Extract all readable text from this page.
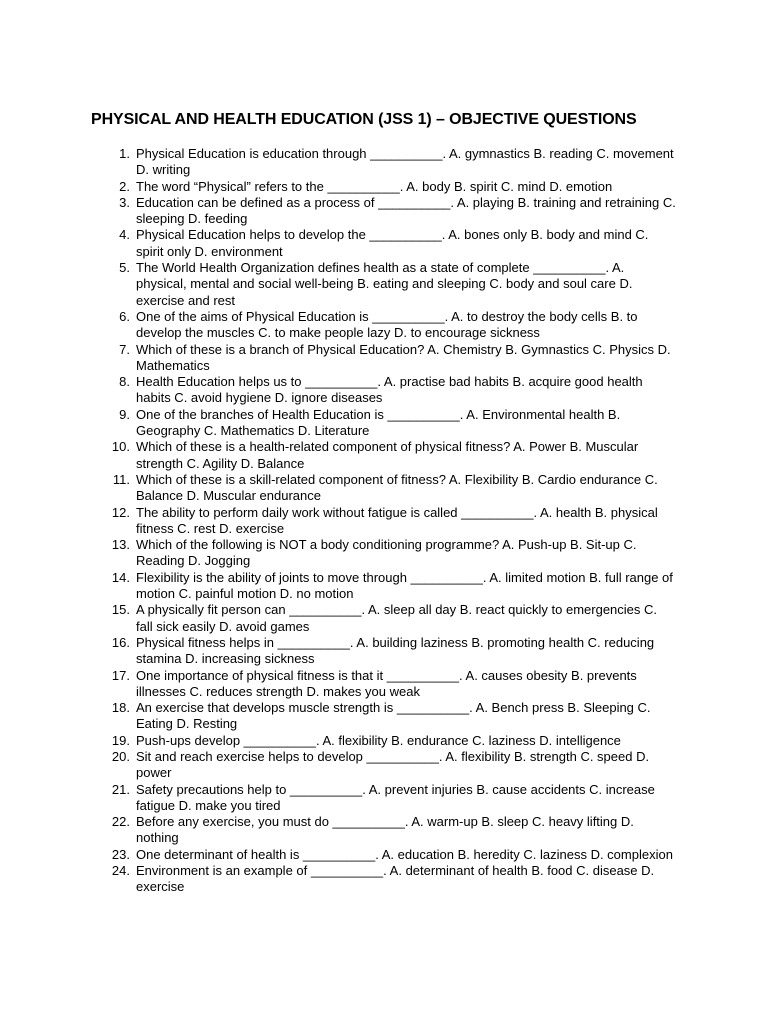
PHYSICAL AND HEALTH EDUCATION (JSS 1) – OBJECTIVE QUESTIONS
1. Physical Education is education through __________. A. gymnastics B. reading C. movement D. writing
2. The word “Physical” refers to the __________. A. body B. spirit C. mind D. emotion
3. Education can be defined as a process of __________. A. playing B. training and retraining C. sleeping D. feeding
4. Physical Education helps to develop the __________. A. bones only B. body and mind C. spirit only D. environment
5. The World Health Organization defines health as a state of complete __________. A. physical, mental and social well-being B. eating and sleeping C. body and soul care D. exercise and rest
6. One of the aims of Physical Education is __________. A. to destroy the body cells B. to develop the muscles C. to make people lazy D. to encourage sickness
7. Which of these is a branch of Physical Education? A. Chemistry B. Gymnastics C. Physics D. Mathematics
8. Health Education helps us to __________. A. practise bad habits B. acquire good health habits C. avoid hygiene D. ignore diseases
9. One of the branches of Health Education is __________. A. Environmental health B. Geography C. Mathematics D. Literature
10. Which of these is a health-related component of physical fitness? A. Power B. Muscular strength C. Agility D. Balance
11. Which of these is a skill-related component of fitness? A. Flexibility B. Cardio endurance C. Balance D. Muscular endurance
12. The ability to perform daily work without fatigue is called __________. A. health B. physical fitness C. rest D. exercise
13. Which of the following is NOT a body conditioning programme? A. Push-up B. Sit-up C. Reading D. Jogging
14. Flexibility is the ability of joints to move through __________. A. limited motion B. full range of motion C. painful motion D. no motion
15. A physically fit person can __________. A. sleep all day B. react quickly to emergencies C. fall sick easily D. avoid games
16. Physical fitness helps in __________. A. building laziness B. promoting health C. reducing stamina D. increasing sickness
17. One importance of physical fitness is that it __________. A. causes obesity B. prevents illnesses C. reduces strength D. makes you weak
18. An exercise that develops muscle strength is __________. A. Bench press B. Sleeping C. Eating D. Resting
19. Push-ups develop __________. A. flexibility B. endurance C. laziness D. intelligence
20. Sit and reach exercise helps to develop __________. A. flexibility B. strength C. speed D. power
21. Safety precautions help to __________. A. prevent injuries B. cause accidents C. increase fatigue D. make you tired
22. Before any exercise, you must do __________. A. warm-up B. sleep C. heavy lifting D. nothing
23. One determinant of health is __________. A. education B. heredity C. laziness D. complexion
24. Environment is an example of __________. A. determinant of health B. food C. disease D. exercise
